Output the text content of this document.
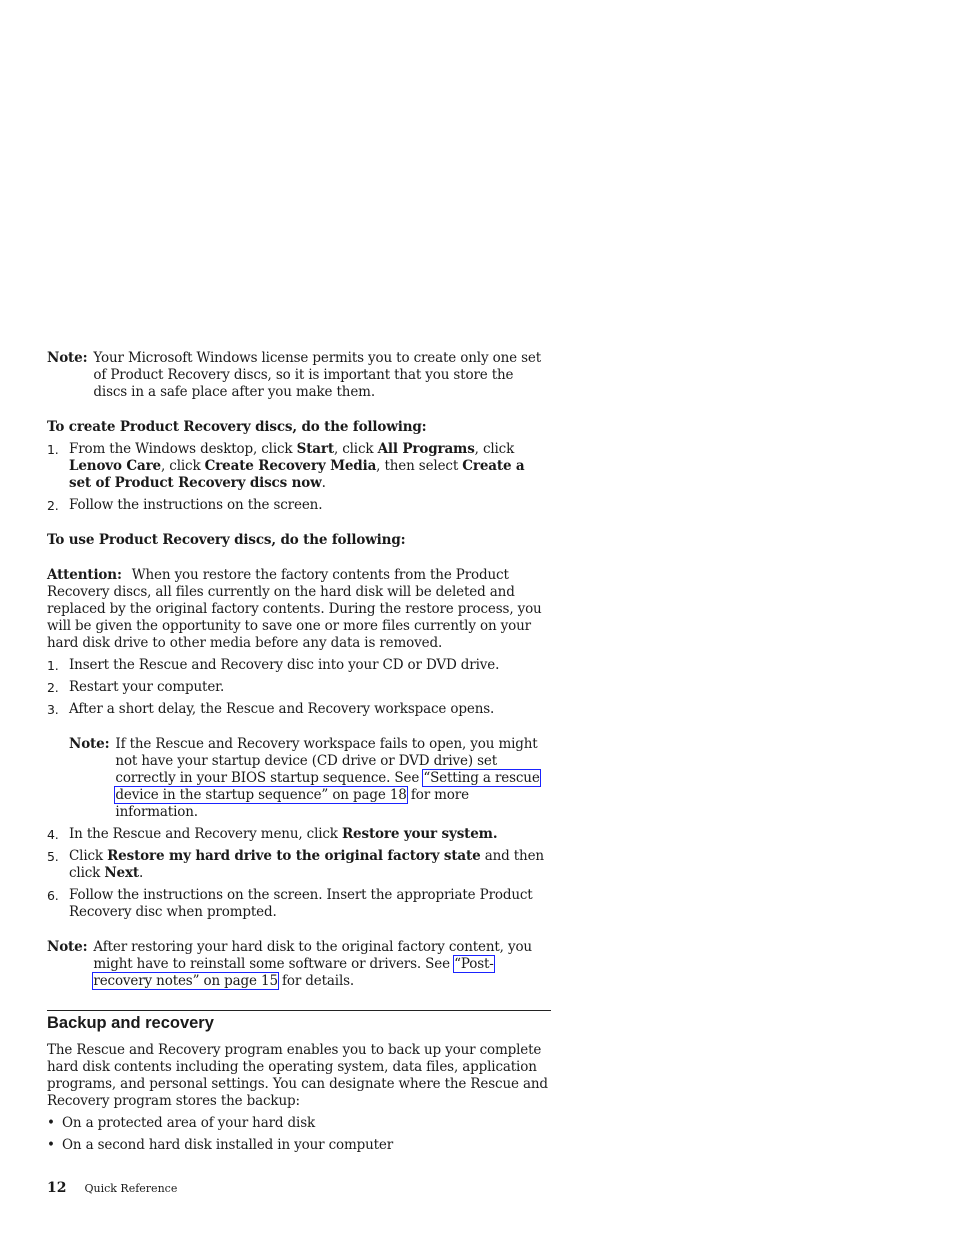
Note: Your Microsoft Windows license permits you to create only one set of Product Recovery discs, so it is important that you store the discs in a safe place after you make them.
To create Product Recovery discs, do the following:
1. From the Windows desktop, click Start, click All Programs, click Lenovo Care, click Create Recovery Media, then select Create a set of Product Recovery discs now.
2. Follow the instructions on the screen.
To use Product Recovery discs, do the following:
Attention: When you restore the factory contents from the Product Recovery discs, all files currently on the hard disk will be deleted and replaced by the original factory contents. During the restore process, you will be given the opportunity to save one or more files currently on your hard disk drive to other media before any data is removed.
1. Insert the Rescue and Recovery disc into your CD or DVD drive.
2. Restart your computer.
3. After a short delay, the Rescue and Recovery workspace opens.
Note: If the Rescue and Recovery workspace fails to open, you might not have your startup device (CD drive or DVD drive) set correctly in your BIOS startup sequence. See “Setting a rescue device in the startup sequence” on page 18 for more information.
4. In the Rescue and Recovery menu, click Restore your system.
5. Click Restore my hard drive to the original factory state and then click Next.
6. Follow the instructions on the screen. Insert the appropriate Product Recovery disc when prompted.
Note: After restoring your hard disk to the original factory content, you might have to reinstall some software or drivers. See “Post-recovery notes” on page 15 for details.
Backup and recovery
The Rescue and Recovery program enables you to back up your complete hard disk contents including the operating system, data files, application programs, and personal settings. You can designate where the Rescue and Recovery program stores the backup:
• On a protected area of your hard disk
• On a second hard disk installed in your computer
12 Quick Reference
